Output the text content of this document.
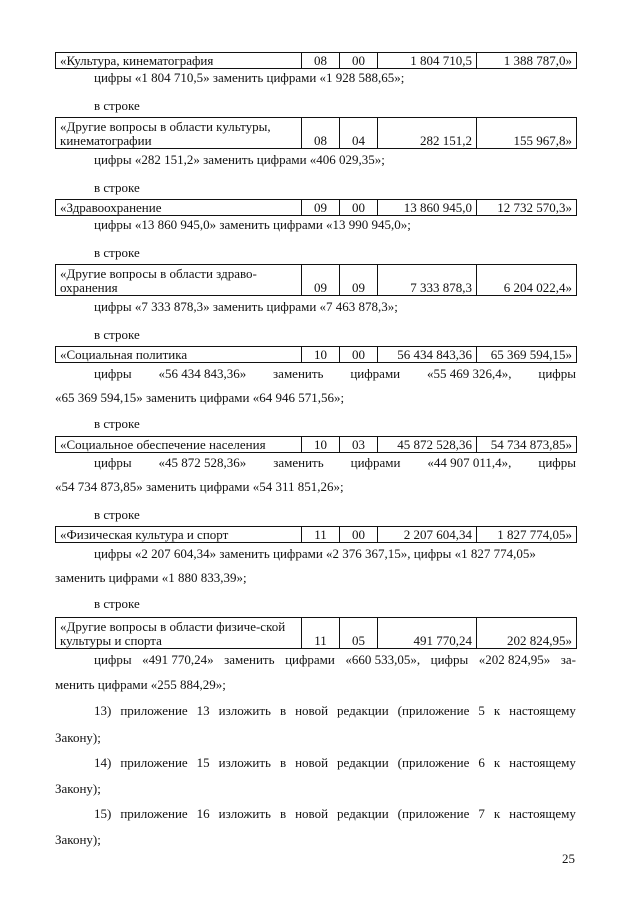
«Культура, кинематография	08	00	1 804 710,5	1 388 787,0»
цифры «1 804 710,5» заменить цифрами «1 928 588,65»;
в строке
«Другие вопросы в области культуры, кинематографии	08	04	282 151,2	155 967,8»
цифры «282 151,2» заменить цифрами «406 029,35»;
в строке
«Здравоохранение	09	00	13 860 945,0	12 732 570,3»
цифры «13 860 945,0» заменить цифрами «13 990 945,0»;
в строке
«Другие вопросы в области здраво-охранения	09	09	7 333 878,3	6 204 022,4»
цифры «7 333 878,3» заменить цифрами «7 463 878,3»;
в строке
«Социальная политика	10	00	56 434 843,36	65 369 594,15»
цифры «56 434 843,36» заменить цифрами «55 469 326,4», цифры
«65 369 594,15» заменить цифрами «64 946 571,56»;
в строке
«Социальное обеспечение населения	10	03	45 872 528,36	54 734 873,85»
цифры «45 872 528,36» заменить цифрами «44 907 011,4», цифры
«54 734 873,85» заменить цифрами «54 311 851,26»;
в строке
«Физическая культура и спорт	11	00	2 207 604,34	1 827 774,05»
цифры «2 207 604,34» заменить цифрами «2 376 367,15», цифры «1 827 774,05»
заменить цифрами «1 880 833,39»;
в строке
«Другие вопросы в области физиче-ской культуры и спорта	11	05	491 770,24	202 824,95»
цифры «491 770,24» заменить цифрами «660 533,05», цифры «202 824,95» за-
менить цифрами «255 884,29»;
13) приложение 13 изложить в новой редакции (приложение 5 к настоящему
Закону);
14) приложение 15 изложить в новой редакции (приложение 6 к настоящему
Закону);
15) приложение 16 изложить в новой редакции (приложение 7 к настоящему
Закону);
25
